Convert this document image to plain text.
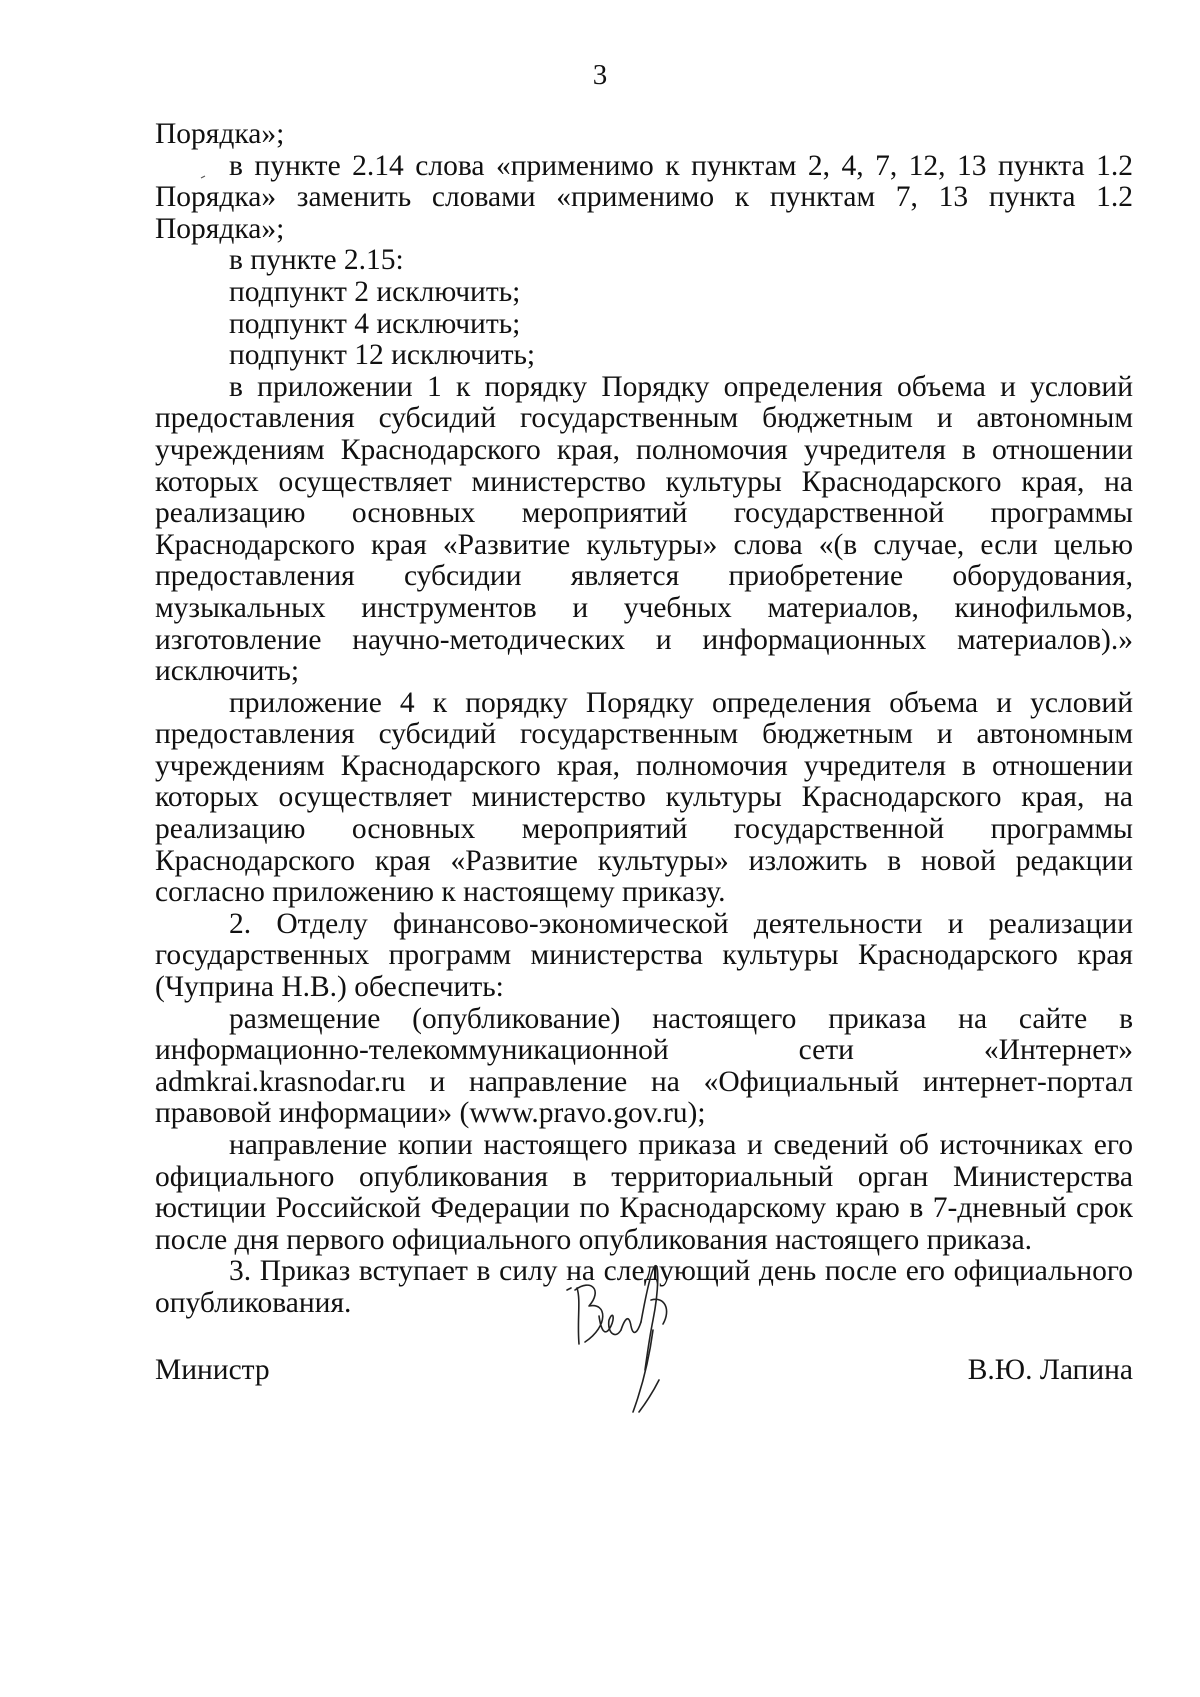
3

Порядка»;

в пункте 2.14 слова «применимо к пунктам 2, 4, 7, 12, 13 пункта 1.2 Порядка» заменить словами «применимо к пунктам 7, 13 пункта 1.2 Порядка»;

в пункте 2.15:

подпункт 2 исключить;

подпункт 4 исключить;

подпункт 12 исключить;

в приложении 1 к порядку Порядку определения объема и условий предоставления субсидий государственным бюджетным и автономным учреждениям Краснодарского края, полномочия учредителя в отношении которых осуществляет министерство культуры Краснодарского края, на реализацию основных мероприятий государственной программы Краснодарского края «Развитие культуры» слова «(в случае, если целью предоставления субсидии является приобретение оборудования, музыкальных инструментов и учебных материалов, кинофильмов, изготовление научно-методических и информационных материалов).» исключить;

приложение 4 к порядку Порядку определения объема и условий предоставления субсидий государственным бюджетным и автономным учреждениям Краснодарского края, полномочия учредителя в отношении которых осуществляет министерство культуры Краснодарского края, на реализацию основных мероприятий государственной программы Краснодарского края «Развитие культуры» изложить в новой редакции согласно приложению к настоящему приказу.

2. Отделу финансово-экономической деятельности и реализации государственных программ министерства культуры Краснодарского края (Чуприна Н.В.) обеспечить:

размещение (опубликование) настоящего приказа на сайте в информационно-телекоммуникационной сети «Интернет» admkrai.krasnodar.ru и направление на «Официальный интернет-портал правовой информации» (www.pravo.gov.ru);

направление копии настоящего приказа и сведений об источниках его официального опубликования в территориальный орган Министерства юстиции Российской Федерации по Краснодарскому краю в 7-дневный срок после дня первого официального опубликования настоящего приказа.

3. Приказ вступает в силу на следующий день после его официального опубликования.

Министр	В.Ю. Лапина
